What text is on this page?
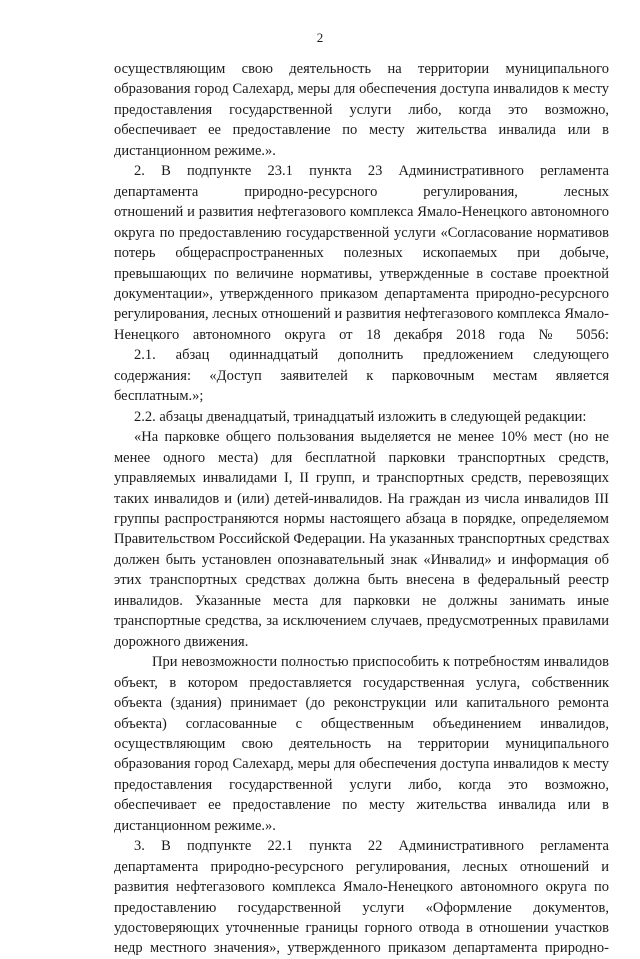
2
осуществляющим свою деятельность на территории муниципального
образования город Салехард, меры для обеспечения доступа инвалидов к месту
предоставления государственной услуги либо, когда это возможно,
обеспечивает ее предоставление по месту жительства инвалида или в
дистанционном режиме.».
2. В подпункте 23.1 пункта 23 Административного регламента
департамента природно-ресурсного регулирования, лесных
отношений и развития нефтегазового комплекса Ямало-Ненецкого автономного
округа по предоставлению государственной услуги «Согласование нормативов
потерь общераспространенных полезных ископаемых при добыче,
превышающих по величине нормативы, утвержденные в составе проектной
документации», утвержденного приказом департамента природно-ресурсного
регулирования, лесных отношений и развития нефтегазового комплекса Ямало-
Ненецкого автономного округа от 18 декабря 2018 года № 5056:
2.1. абзац одиннадцатый дополнить предложением следующего
содержания: «Доступ заявителей к парковочным местам является
бесплатным.»;
2.2. абзацы двенадцатый, тринадцатый изложить в следующей редакции:
«На парковке общего пользования выделяется не менее 10% мест (но не
менее одного места) для бесплатной парковки транспортных средств,
управляемых инвалидами I, II групп, и транспортных средств, перевозящих
таких инвалидов и (или) детей-инвалидов. На граждан из числа инвалидов III
группы распространяются нормы настоящего абзаца в порядке, определяемом
Правительством Российской Федерации. На указанных транспортных средствах
должен быть установлен опознавательный знак «Инвалид» и информация об
этих транспортных средствах должна быть внесена в федеральный реестр
инвалидов. Указанные места для парковки не должны занимать иные
транспортные средства, за исключением случаев, предусмотренных правилами
дорожного движения.
При невозможности полностью приспособить к потребностям инвалидов
объект, в котором предоставляется государственная услуга, собственник
объекта (здания) принимает (до реконструкции или капитального ремонта
объекта) согласованные с общественным объединением инвалидов,
осуществляющим свою деятельность на территории муниципального
образования город Салехард, меры для обеспечения доступа инвалидов к месту
предоставления государственной услуги либо, когда это возможно,
обеспечивает ее предоставление по месту жительства инвалида или в
дистанционном режиме.».
3. В подпункте 22.1 пункта 22 Административного регламента
департамента природно-ресурсного регулирования, лесных отношений и
развития нефтегазового комплекса Ямало-Ненецкого автономного округа по
предоставлению государственной услуги «Оформление документов,
удостоверяющих уточненные границы горного отвода в отношении участков
недр местного значения», утвержденного приказом департамента природно-
